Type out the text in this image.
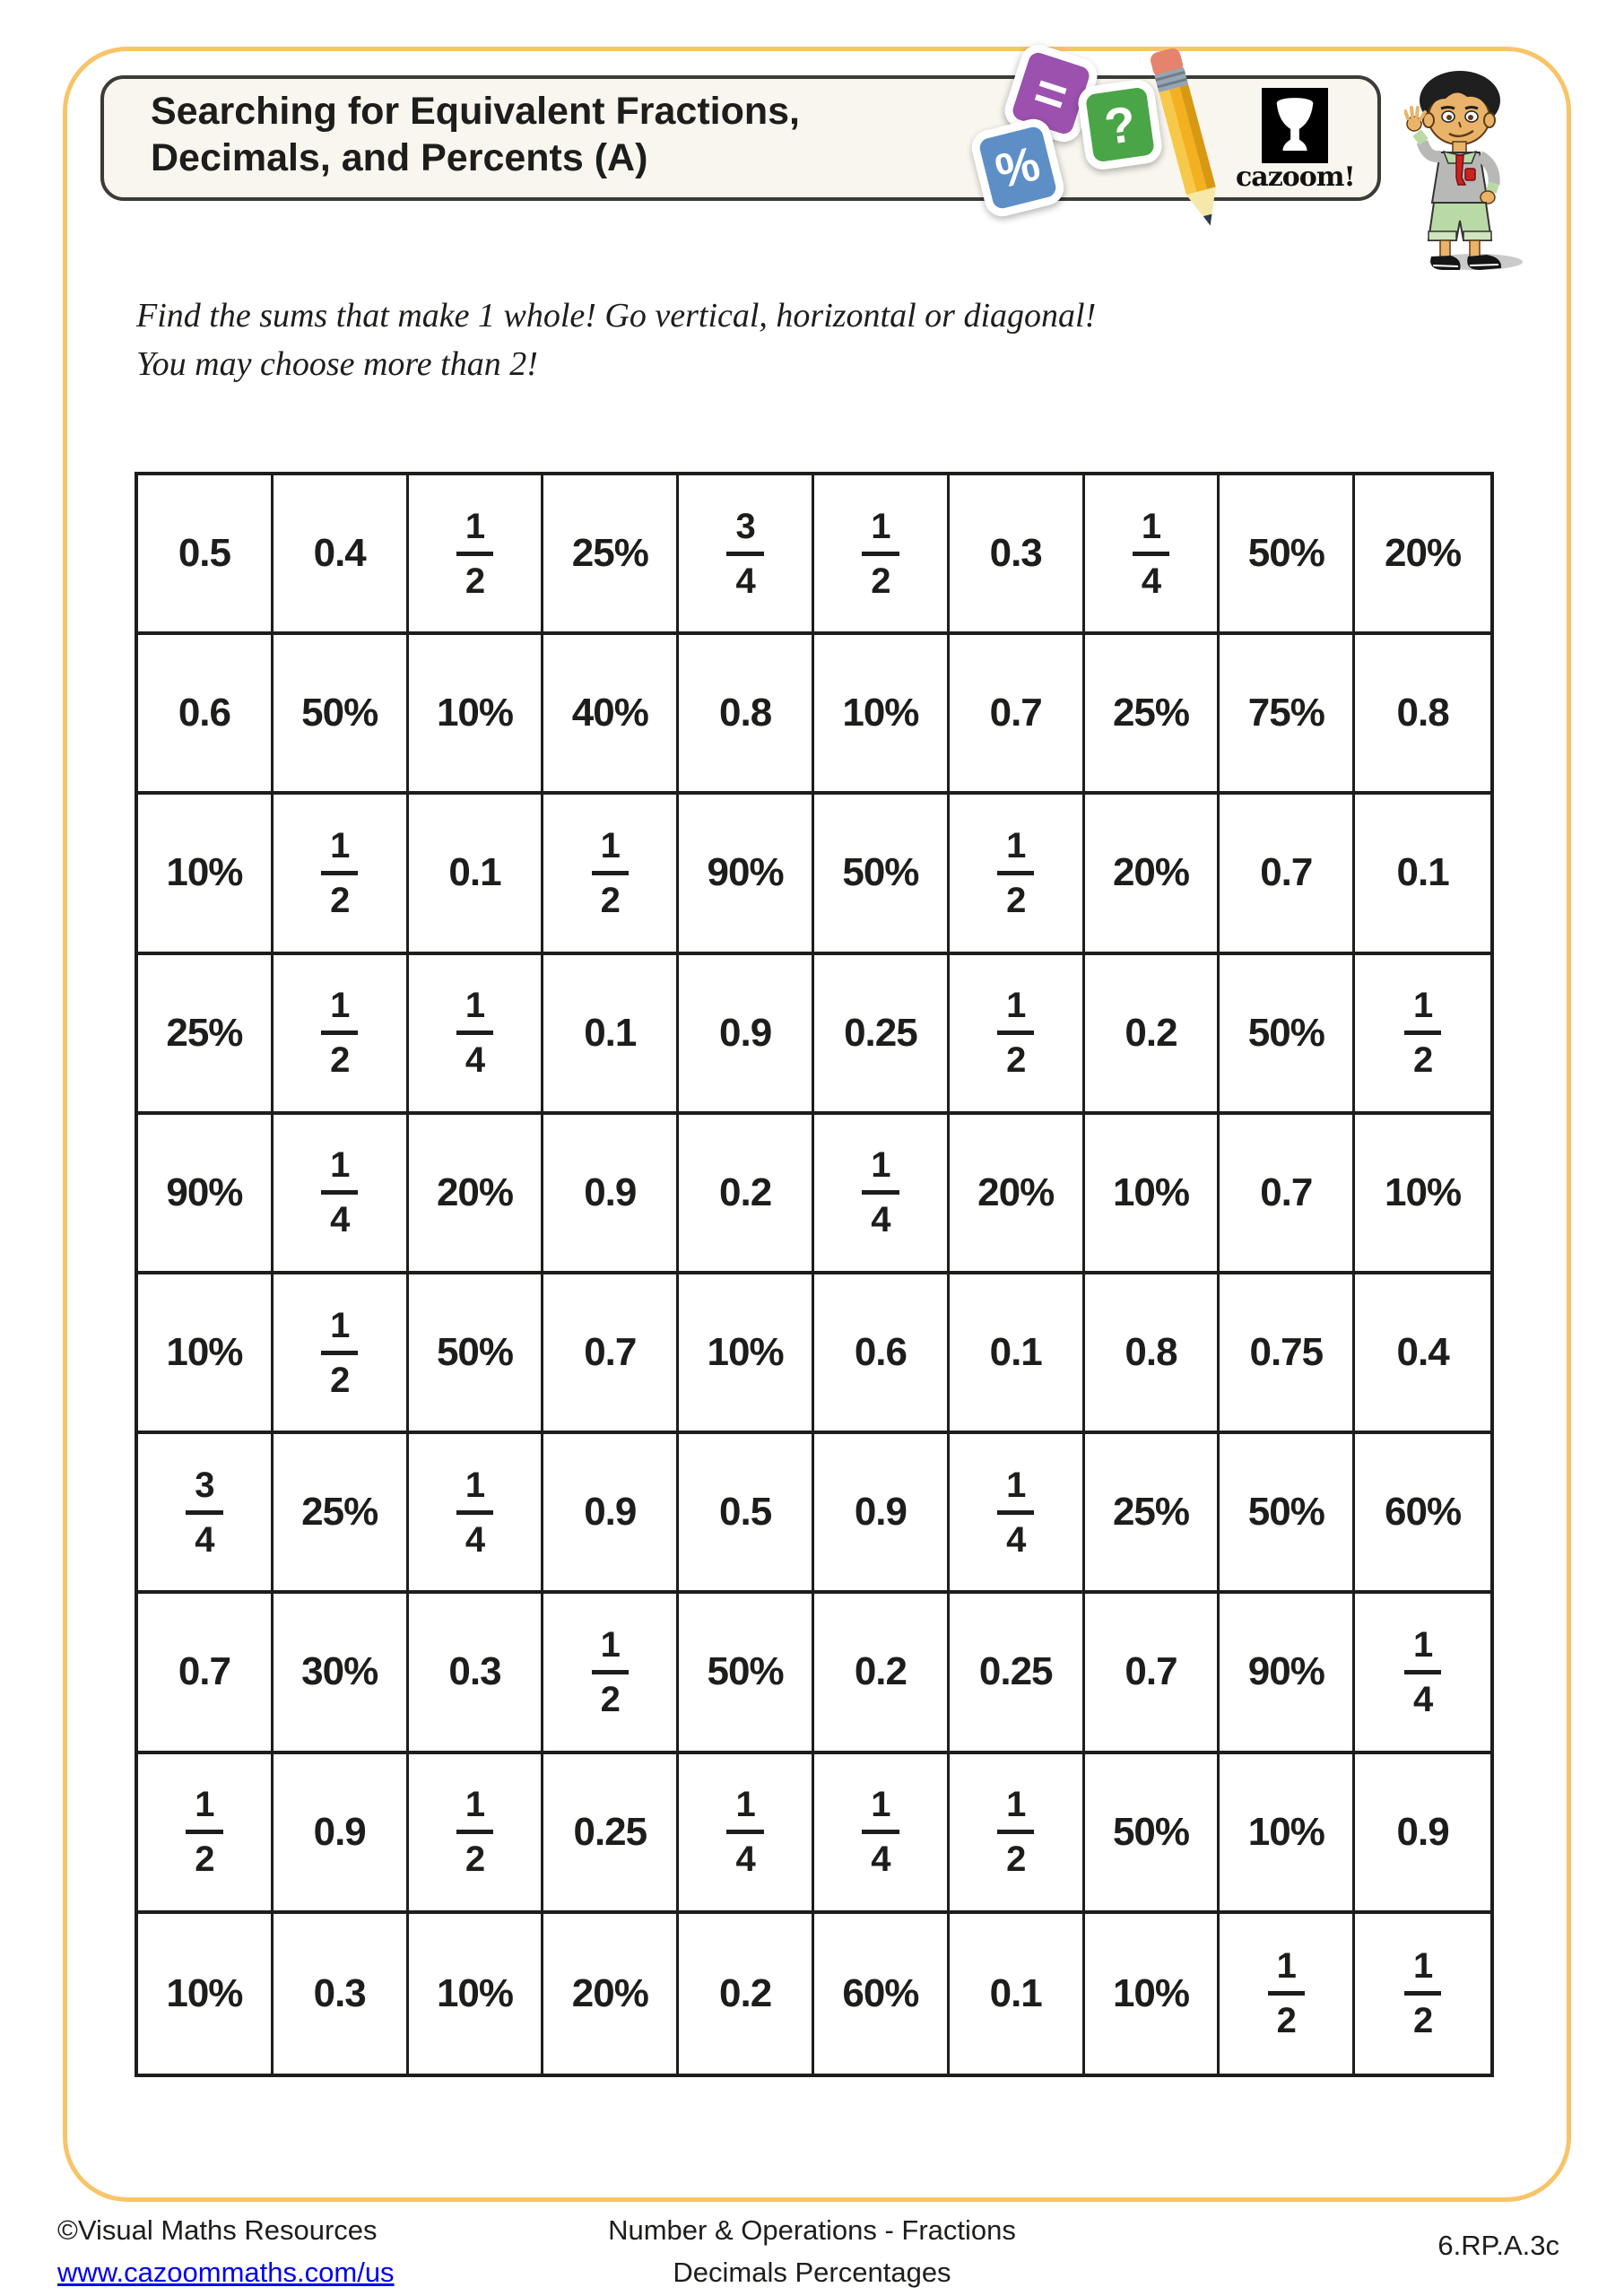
Searching for Equivalent Fractions,
Decimals, and Percents (A)	cazoom!
=
%
?
Find the sums that make 1 whole! Go vertical, horizontal or diagonal!
You may choose more than 2!
0.5	0.4	$\frac{1}{2}$	25%	$\frac{3}{4}$	$\frac{1}{2}$	0.3	$\frac{1}{4}$	50%	20%
0.6	50%	10%	40%	0.8	10%	0.7	25%	75%	0.8
10%	$\frac{1}{2}$	0.1	$\frac{1}{2}$	90%	50%	$\frac{1}{2}$	20%	0.7	0.1
25%	$\frac{1}{2}$	$\frac{1}{4}$	0.1	0.9	0.25	$\frac{1}{2}$	0.2	50%	$\frac{1}{2}$
90%	$\frac{1}{4}$	20%	0.9	0.2	$\frac{1}{4}$	20%	10%	0.7	10%
10%	$\frac{1}{2}$	50%	0.7	10%	0.6	0.1	0.8	0.75	0.4
$\frac{3}{4}$	25%	$\frac{1}{4}$	0.9	0.5	0.9	$\frac{1}{4}$	25%	50%	60%
0.7	30%	0.3	$\frac{1}{2}$	50%	0.2	0.25	0.7	90%	$\frac{1}{4}$
$\frac{1}{2}$	0.9	$\frac{1}{2}$	0.25	$\frac{1}{4}$	$\frac{1}{4}$	$\frac{1}{2}$	50%	10%	0.9
10%	0.3	10%	20%	0.2	60%	0.1	10%	$\frac{1}{2}$	$\frac{1}{2}$
©Visual Maths Resources
www.cazoommaths.com/us
Number & Operations - Fractions
Decimals Percentages
6.RP.A.3c
